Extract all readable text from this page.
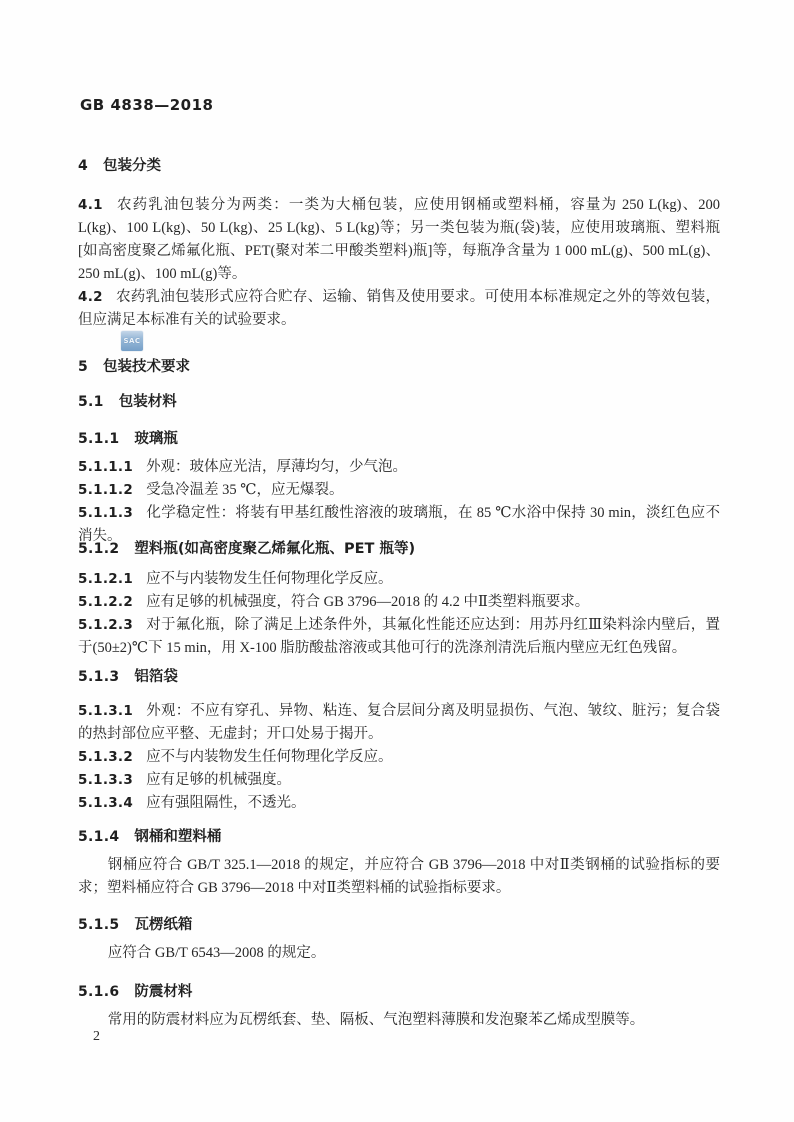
GB 4838—2018
4 包装分类
4.1 农药乳油包装分为两类：一类为大桶包装，应使用钢桶或塑料桶，容量为 250 L(kg)、200 L(kg)、100 L(kg)、50 L(kg)、25 L(kg)、5 L(kg)等；另一类包装为瓶(袋)装，应使用玻璃瓶、塑料瓶[如高密度聚乙烯氟化瓶、PET(聚对苯二甲酸类塑料)瓶]等，每瓶净含量为 1 000 mL(g)、500 mL(g)、250 mL(g)、100 mL(g)等。
4.2 农药乳油包装形式应符合贮存、运输、销售及使用要求。可使用本标准规定之外的等效包装，但应满足本标准有关的试验要求。
SAC
5 包装技术要求
5.1 包装材料
5.1.1 玻璃瓶
5.1.1.1 外观：玻体应光洁，厚薄均匀，少气泡。
5.1.1.2 受急冷温差 35 ℃，应无爆裂。
5.1.1.3 化学稳定性：将装有甲基红酸性溶液的玻璃瓶，在 85 ℃水浴中保持 30 min，淡红色应不消失。
5.1.2 塑料瓶(如高密度聚乙烯氟化瓶、PET 瓶等)
5.1.2.1 应不与内装物发生任何物理化学反应。
5.1.2.2 应有足够的机械强度，符合 GB 3796—2018 的 4.2 中Ⅱ类塑料瓶要求。
5.1.2.3 对于氟化瓶，除了满足上述条件外，其氟化性能还应达到：用苏丹红Ⅲ染料涂内壁后，置于(50±2)℃下 15 min，用 X-100 脂肪酸盐溶液或其他可行的洗涤剂清洗后瓶内壁应无红色残留。
5.1.3 铝箔袋
5.1.3.1 外观：不应有穿孔、异物、粘连、复合层间分离及明显损伤、气泡、皱纹、脏污；复合袋的热封部位应平整、无虚封；开口处易于揭开。
5.1.3.2 应不与内装物发生任何物理化学反应。
5.1.3.3 应有足够的机械强度。
5.1.3.4 应有强阻隔性，不透光。
5.1.4 钢桶和塑料桶
钢桶应符合 GB/T 325.1—2018 的规定，并应符合 GB 3796—2018 中对Ⅱ类钢桶的试验指标的要求；塑料桶应符合 GB 3796—2018 中对Ⅱ类塑料桶的试验指标要求。
5.1.5 瓦楞纸箱
应符合 GB/T 6543—2008 的规定。
5.1.6 防震材料
常用的防震材料应为瓦楞纸套、垫、隔板、气泡塑料薄膜和发泡聚苯乙烯成型膜等。
2
